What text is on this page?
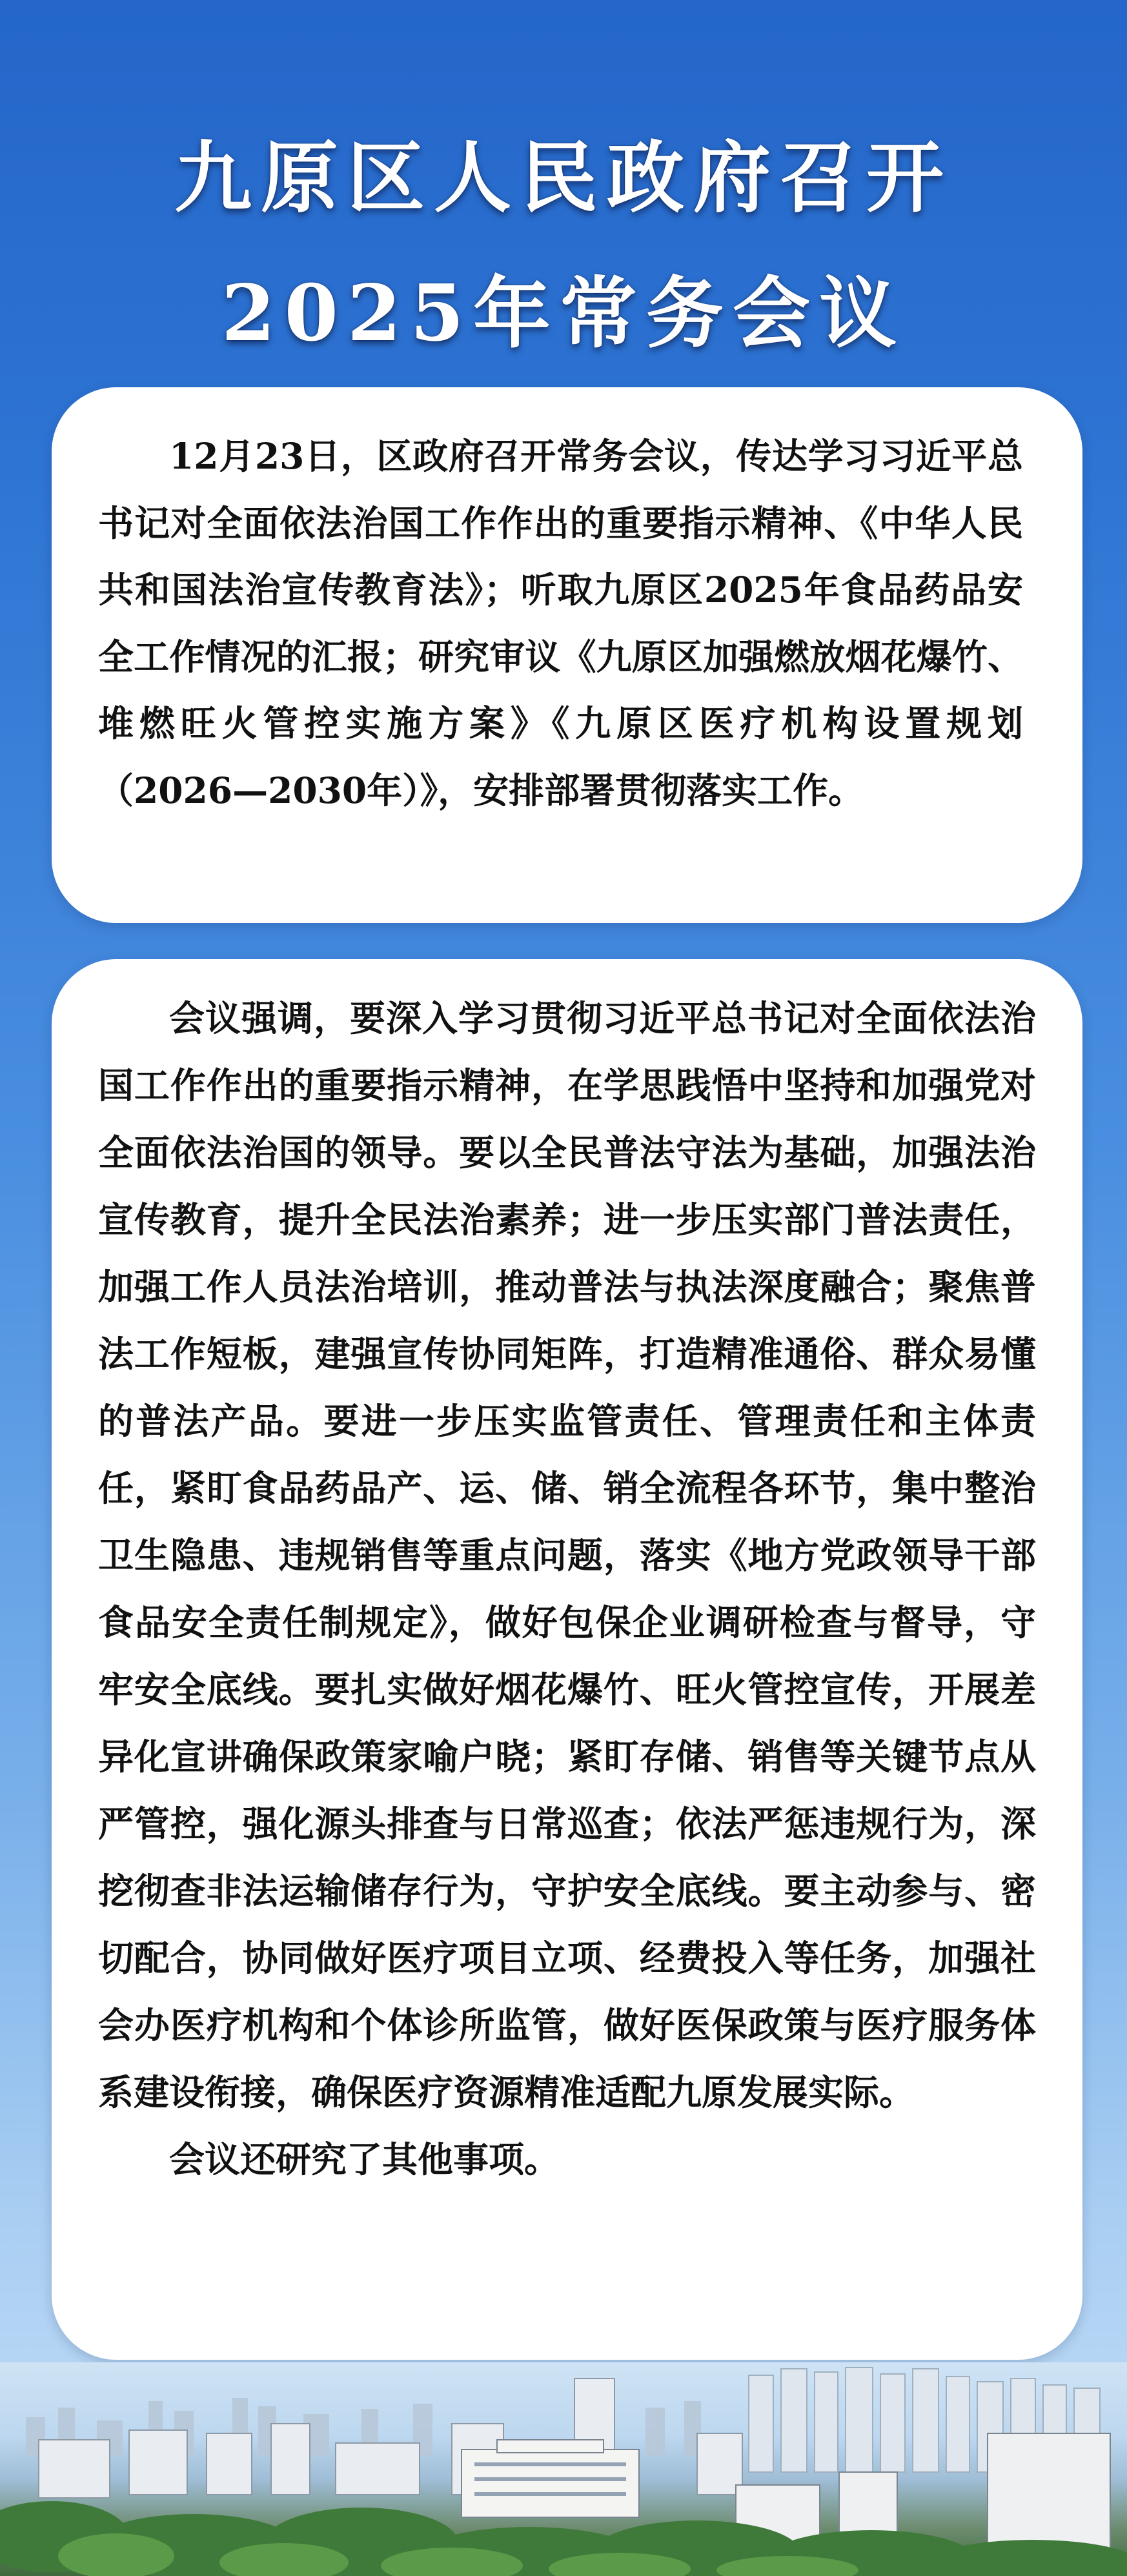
九原区人民政府召开
2025年常务会议

12月23日，区政府召开常务会议，传达学习习近平总书记对全面依法治国工作作出的重要指示精神、《中华人民共和国法治宣传教育法》；听取九原区2025年食品药品安全工作情况的汇报；研究审议《九原区加强燃放烟花爆竹、堆燃旺火管控实施方案》《九原区医疗机构设置规划（2026—2030年）》，安排部署贯彻落实工作。

会议强调，要深入学习贯彻习近平总书记对全面依法治国工作作出的重要指示精神，在学思践悟中坚持和加强党对全面依法治国的领导。要以全民普法守法为基础，加强法治宣传教育，提升全民法治素养；进一步压实部门普法责任，加强工作人员法治培训，推动普法与执法深度融合；聚焦普法工作短板，建强宣传协同矩阵，打造精准通俗、群众易懂的普法产品。要进一步压实监管责任、管理责任和主体责任，紧盯食品药品产、运、储、销全流程各环节，集中整治卫生隐患、违规销售等重点问题，落实《地方党政领导干部食品安全责任制规定》，做好包保企业调研检查与督导，守牢安全底线。要扎实做好烟花爆竹、旺火管控宣传，开展差异化宣讲确保政策家喻户晓；紧盯存储、销售等关键节点从严管控，强化源头排查与日常巡查；依法严惩违规行为，深挖彻查非法运输储存行为，守护安全底线。要主动参与、密切配合，协同做好医疗项目立项、经费投入等任务，加强社会办医疗机构和个体诊所监管，做好医保政策与医疗服务体系建设衔接，确保医疗资源精准适配九原发展实际。

会议还研究了其他事项。
